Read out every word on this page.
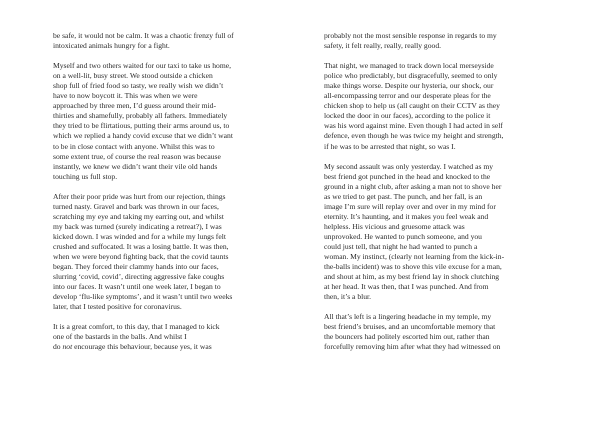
be safe, it would not be calm. It was a chaotic frenzy full of
intoxicated animals hungry for a fight.
Myself and two others waited for our taxi to take us home,
on a well-lit, busy street. We stood outside a chicken
shop full of fried food so tasty, we really wish we didn’t
have to now boycott it. This was when we were
approached by three men, I’d guess around their mid-
thirties and shamefully, probably all fathers. Immediately
they tried to be flirtatious, putting their arms around us, to
which we replied a handy covid excuse that we didn’t want
to be in close contact with anyone. Whilst this was to
some extent true, of course the real reason was because
instantly, we knew we didn’t want their vile old hands
touching us full stop.
After their poor pride was hurt from our rejection, things
turned nasty. Gravel and bark was thrown in our faces,
scratching my eye and taking my earring out, and whilst
my back was turned (surely indicating a retreat?), I was
kicked down. I was winded and for a while my lungs felt
crushed and suffocated. It was a losing battle. It was then,
when we were beyond fighting back, that the covid taunts
began. They forced their clammy hands into our faces,
slurring ‘covid, covid’, directing aggressive fake coughs
into our faces. It wasn’t until one week later, I began to
develop ‘flu-like symptoms’, and it wasn’t until two weeks
later, that I tested positive for coronavirus.
It is a great comfort, to this day, that I managed to kick
one of the bastards in the balls. And whilst I
do not encourage this behaviour, because yes, it was
probably not the most sensible response in regards to my
safety, it felt really, really, really good.
That night, we managed to track down local merseyside
police who predictably, but disgracefully, seemed to only
make things worse. Despite our hysteria, our shock, our
all-encompassing terror and our desperate pleas for the
chicken shop to help us (all caught on their CCTV as they
locked the door in our faces), according to the police it
was his word against mine. Even though I had acted in self
defence, even though he was twice my height and strength,
if he was to be arrested that night, so was I.
My second assault was only yesterday. I watched as my
best friend got punched in the head and knocked to the
ground in a night club, after asking a man not to shove her
as we tried to get past. The punch, and her fall, is an
image I’m sure will replay over and over in my mind for
eternity. It’s haunting, and it makes you feel weak and
helpless. His vicious and gruesome attack was
unprovoked. He wanted to punch someone, and you
could just tell, that night he had wanted to punch a
woman. My instinct, (clearly not learning from the kick-in-
the-balls incident) was to shove this vile excuse for a man,
and shout at him, as my best friend lay in shock clutching
at her head. It was then, that I was punched. And from
then, it’s a blur.
All that’s left is a lingering headache in my temple, my
best friend’s bruises, and an uncomfortable memory that
the bouncers had politely escorted him out, rather than
forcefully removing him after what they had witnessed on
